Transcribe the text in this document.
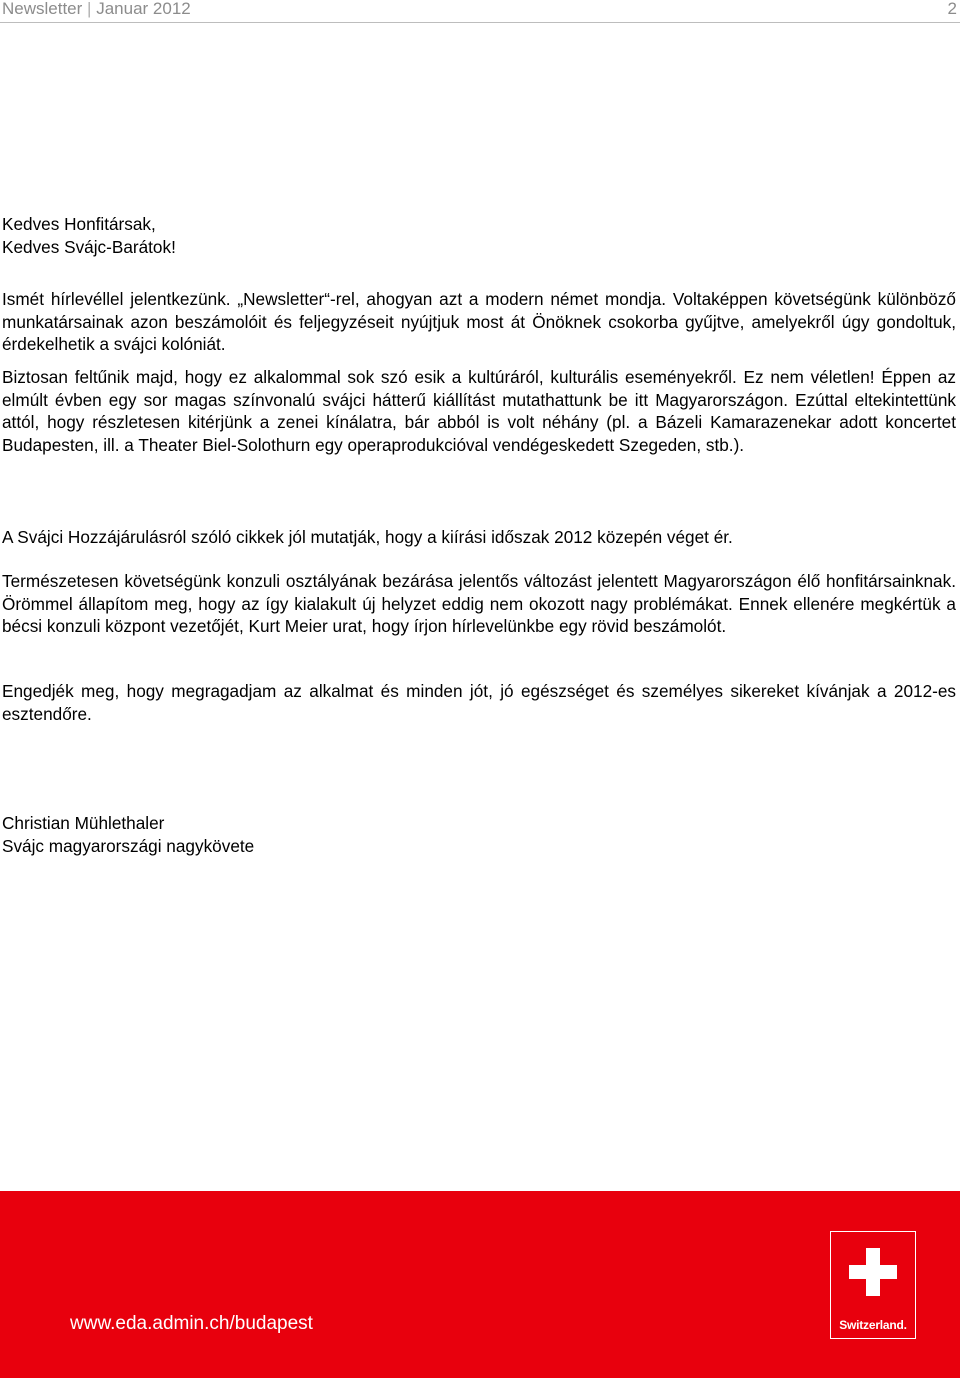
Newsletter | Januar 2012	2

Kedves Honfitársak,

Kedves Svájc-Barátok!

Ismét hírlevéllel jelentkezünk. „Newsletter“-rel, ahogyan azt a modern német mondja. Voltaképpen követségünk különböző munkatársainak azon beszámolóit és feljegyzéseit nyújtjuk most át Önöknek csokorba gyűjtve, amelyekről úgy gondoltuk, érdekelhetik a svájci kolóniát.

Biztosan feltűnik majd, hogy ez alkalommal sok szó esik a kultúráról, kulturális eseményekről. Ez nem véletlen! Éppen az elmúlt évben egy sor magas színvonalú svájci hátterű kiállítást mutathattunk be itt Magyarországon. Ezúttal eltekintettünk attól, hogy részletesen kitérjünk a zenei kínálatra, bár abból is volt néhány (pl. a Bázeli Kamarazenekar adott koncertet Budapesten, ill. a Theater Biel-Solothurn egy operaprodukcióval vendégeskedett Szegeden, stb.).

A Svájci Hozzájárulásról szóló cikkek jól mutatják, hogy a kiírási időszak 2012 közepén véget ér.

Természetesen követségünk konzuli osztályának bezárása jelentős változást jelentett Magyarországon élő honfitársainknak. Örömmel állapítom meg, hogy az így kialakult új helyzet eddig nem okozott nagy problémákat. Ennek ellenére megkértük a bécsi konzuli központ vezetőjét, Kurt Meier urat, hogy írjon hírlevelünkbe egy rövid beszámolót.

Engedjék meg, hogy megragadjam az alkalmat és minden jót, jó egészséget és személyes sikereket kívánjak a 2012-es esztendőre.

Christian Mühlethaler

Svájc magyarországi nagykövete

www.eda.admin.ch/budapest	Switzerland.
